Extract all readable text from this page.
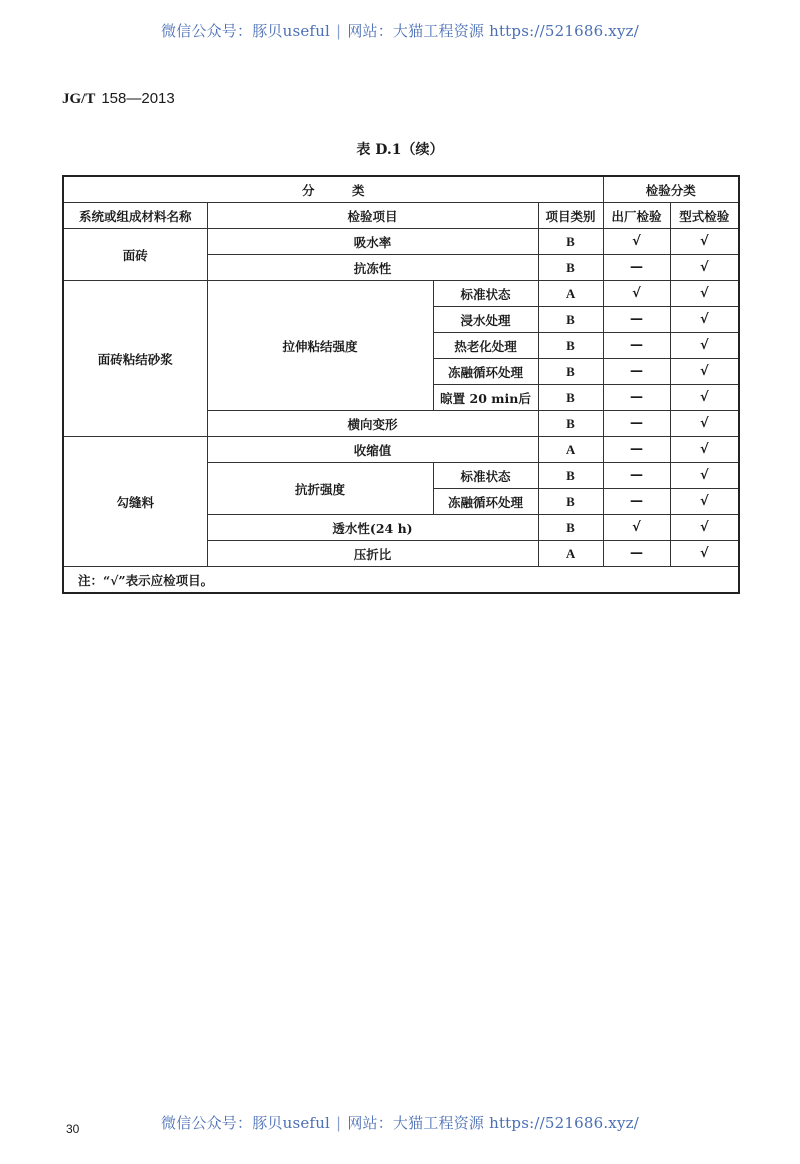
微信公众号：豚贝useful | 网站：大猫工程资源 https://521686.xyz/
JG/T 158—2013
表 D.1（续）
分　　　类				检验分类	
系统或组成材料名称	检验项目		项目类别	出厂检验	型式检验
面砖	吸水率		B	√	√
	抗冻性		B	—	√
面砖粘结砂浆	拉伸粘结强度	标准状态	A	√	√
		浸水处理	B	—	√
		热老化处理	B	—	√
		冻融循环处理	B	—	√
		晾置 20 min后	B	—	√
	横向变形		B	—	√
勾缝料	收缩值		A	—	√
	抗折强度	标准状态	B	—	√
		冻融循环处理	B	—	√
	透水性(24 h)		B	√	√
	压折比		A	—	√
注：“√”表示应检项目。					
30	微信公众号：豚贝useful | 网站：大猫工程资源 https://521686.xyz/
